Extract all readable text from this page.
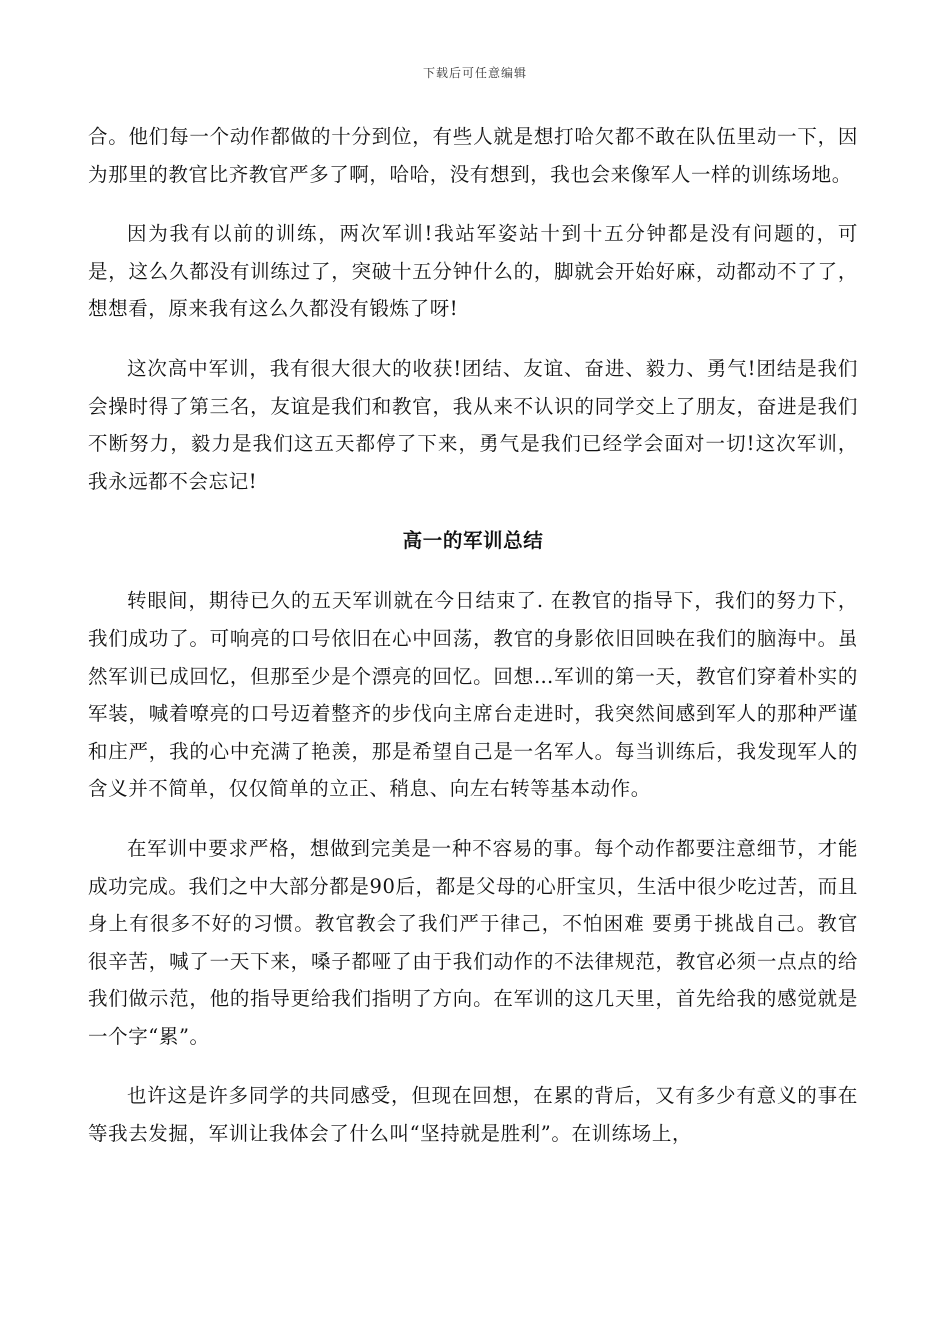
下载后可任意编辑

合。他们每一个动作都做的十分到位，有些人就是想打哈欠都不敢在队伍里动一下，因为那里的教官比齐教官严多了啊，哈哈，没有想到，我也会来像军人一样的训练场地。

因为我有以前的训练，两次军训!我站军姿站十到十五分钟都是没有问题的，可是，这么久都没有训练过了，突破十五分钟什么的，脚就会开始好麻，动都动不了了，想想看，原来我有这么久都没有锻炼了呀!

这次高中军训，我有很大很大的收获!团结、友谊、奋进、毅力、勇气!团结是我们会操时得了第三名，友谊是我们和教官，我从来不认识的同学交上了朋友，奋进是我们不断努力，毅力是我们这五天都停了下来，勇气是我们已经学会面对一切!这次军训，我永远都不会忘记!

高一的军训总结

转眼间，期待已久的五天军训就在今日结束了. 在教官的指导下，我们的努力下，我们成功了。可响亮的口号依旧在心中回荡，教官的身影依旧回映在我们的脑海中。虽然军训已成回忆，但那至少是个漂亮的回忆。回想…军训的第一天，教官们穿着朴实的军装，喊着嘹亮的口号迈着整齐的步伐向主席台走进时，我突然间感到军人的那种严谨和庄严，我的心中充满了艳羡，那是希望自己是一名军人。每当训练后，我发现军人的含义并不简单，仅仅简单的立正、稍息、向左右转等基本动作。

在军训中要求严格，想做到完美是一种不容易的事。每个动作都要注意细节，才能成功完成。我们之中大部分都是90后，都是父母的心肝宝贝，生活中很少吃过苦，而且身上有很多不好的习惯。教官教会了我们严于律己，不怕困难 要勇于挑战自己。教官很辛苦，喊了一天下来，嗓子都哑了由于我们动作的不法律规范，教官必须一点点的给我们做示范，他的指导更给我们指明了方向。在军训的这几天里，首先给我的感觉就是一个字“累”。

也许这是许多同学的共同感受，但现在回想，在累的背后，又有多少有意义的事在等我去发掘，军训让我体会了什么叫“坚持就是胜利”。在训练场上，
